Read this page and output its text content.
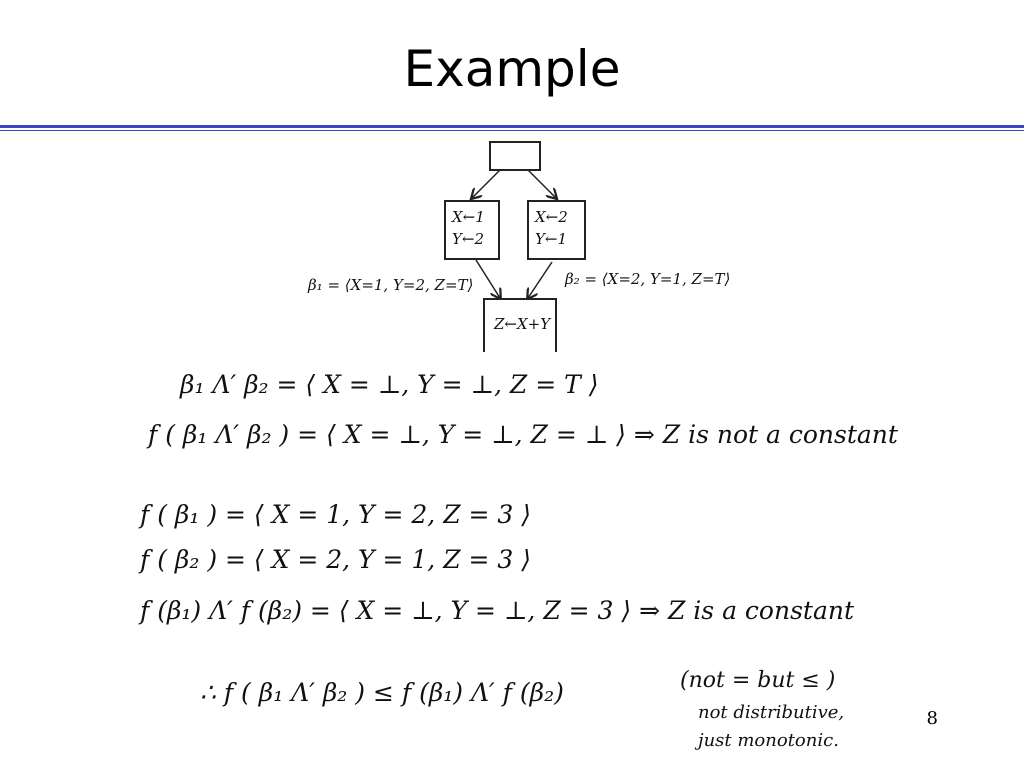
Example
X←1
Y←2
X←2
Y←1
Z←X+Y
β₁ = ⟨X=1, Y=2, Z=T⟩	β₂ = ⟨X=2, Y=1, Z=T⟩
β₁ Λ′ β₂ = ⟨ X = ⊥, Y = ⊥, Z = T ⟩
f ( β₁ Λ′ β₂ ) = ⟨ X = ⊥, Y = ⊥, Z = ⊥ ⟩ ⇒ Z is not a constant
f ( β₁ ) = ⟨ X = 1, Y = 2, Z = 3 ⟩
f ( β₂ ) = ⟨ X = 2, Y = 1, Z = 3 ⟩
f (β₁) Λ′ f (β₂) = ⟨ X = ⊥, Y = ⊥, Z = 3 ⟩ ⇒ Z is a constant
∴ f ( β₁ Λ′ β₂ ) ≤ f (β₁) Λ′ f (β₂)	(not = but ≤ )
not distributive,
just monotonic.
8
